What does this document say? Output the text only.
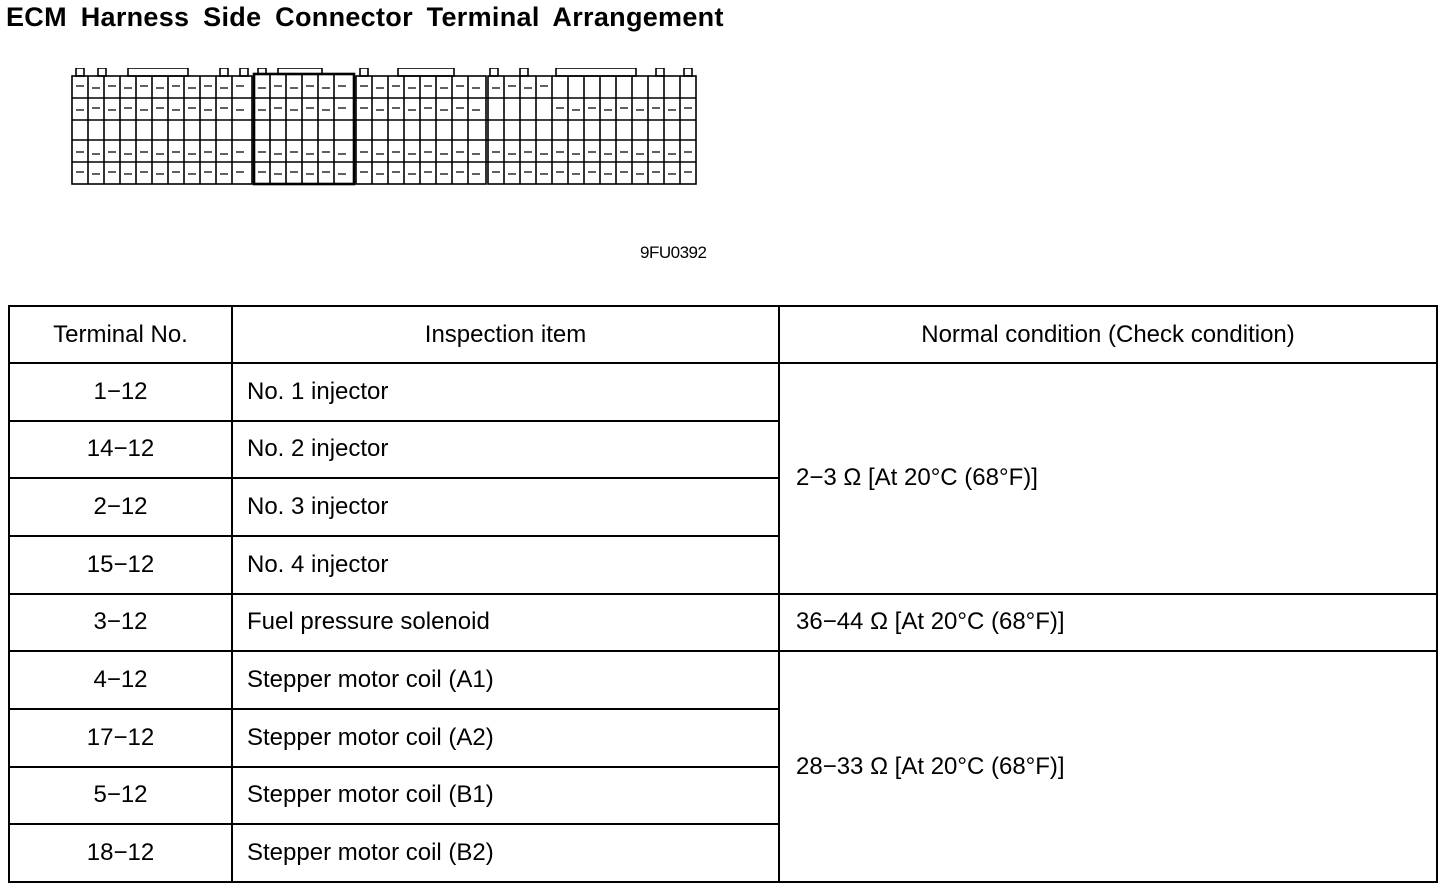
ECM Harness Side Connector Terminal Arrangement
9FU0392
Terminal No.	Inspection item	Normal condition (Check condition)
1−12	No. 1 injector	2−3 Ω [At 20°C (68°F)]
14−12	No. 2 injector	
2−12	No. 3 injector	
15−12	No. 4 injector	
3−12	Fuel pressure solenoid	36−44 Ω [At 20°C (68°F)]
4−12	Stepper motor coil (A1)	28−33 Ω [At 20°C (68°F)]
17−12	Stepper motor coil (A2)	
5−12	Stepper motor coil (B1)	
18−12	Stepper motor coil (B2)	
